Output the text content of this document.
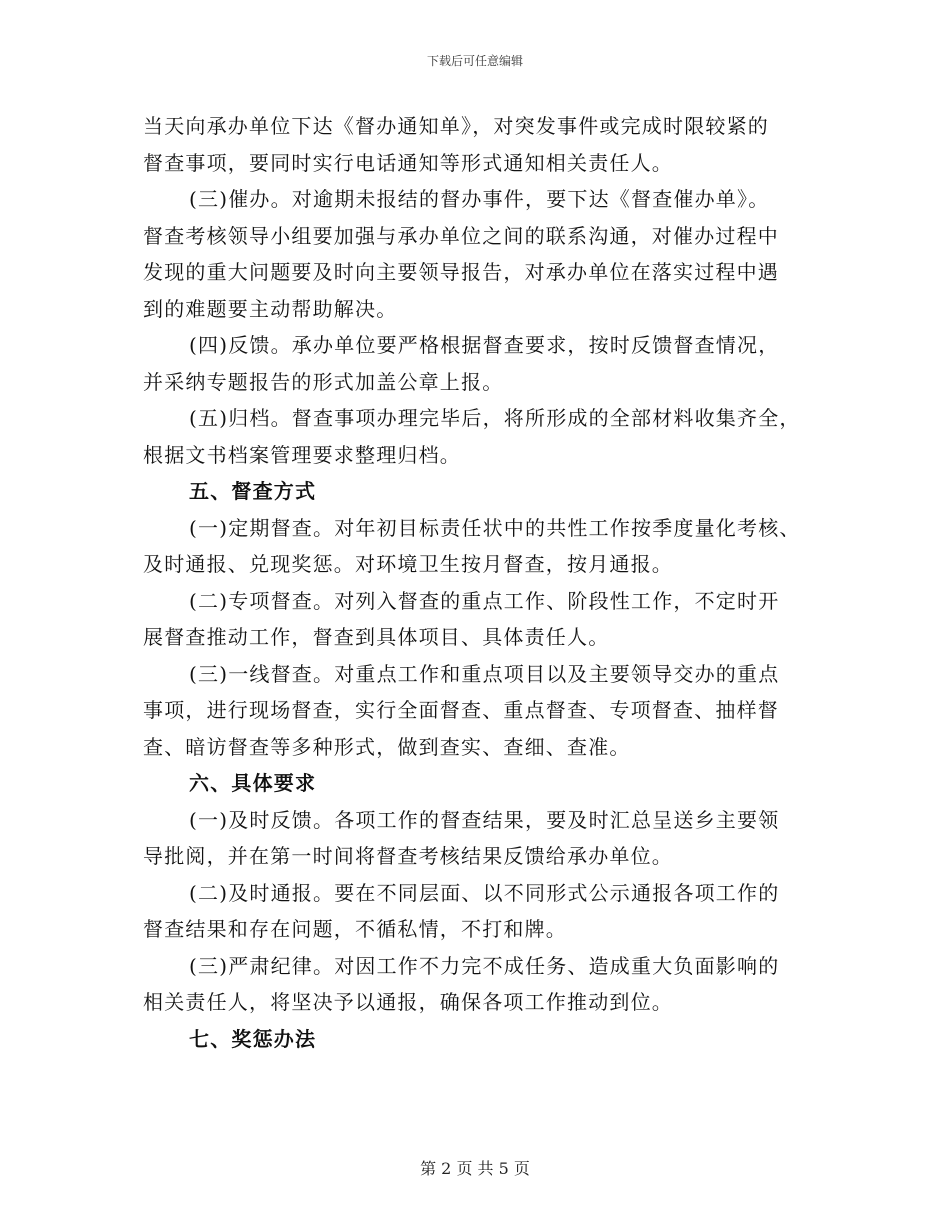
下载后可任意编辑
当天向承办单位下达《督办通知单》，对突发事件或完成时限较紧的
督查事项，要同时实行电话通知等形式通知相关责任人。
(三)催办。对逾期未报结的督办事件，要下达《督查催办单》。
督查考核领导小组要加强与承办单位之间的联系沟通，对催办过程中
发现的重大问题要及时向主要领导报告，对承办单位在落实过程中遇
到的难题要主动帮助解决。
(四)反馈。承办单位要严格根据督查要求，按时反馈督查情况，
并采纳专题报告的形式加盖公章上报。
(五)归档。督查事项办理完毕后，将所形成的全部材料收集齐全，
根据文书档案管理要求整理归档。
五、督查方式
(一)定期督查。对年初目标责任状中的共性工作按季度量化考核、
及时通报、兑现奖惩。对环境卫生按月督查，按月通报。
(二)专项督查。对列入督查的重点工作、阶段性工作，不定时开
展督查推动工作，督查到具体项目、具体责任人。
(三)一线督查。对重点工作和重点项目以及主要领导交办的重点
事项，进行现场督查，实行全面督查、重点督查、专项督查、抽样督
查、暗访督查等多种形式，做到查实、查细、查准。
六、具体要求
(一)及时反馈。各项工作的督查结果，要及时汇总呈送乡主要领
导批阅，并在第一时间将督查考核结果反馈给承办单位。
(二)及时通报。要在不同层面、以不同形式公示通报各项工作的
督查结果和存在问题，不循私情，不打和牌。
(三)严肃纪律。对因工作不力完不成任务、造成重大负面影响的
相关责任人，将坚决予以通报，确保各项工作推动到位。
七、奖惩办法
第 2 页 共 5 页
